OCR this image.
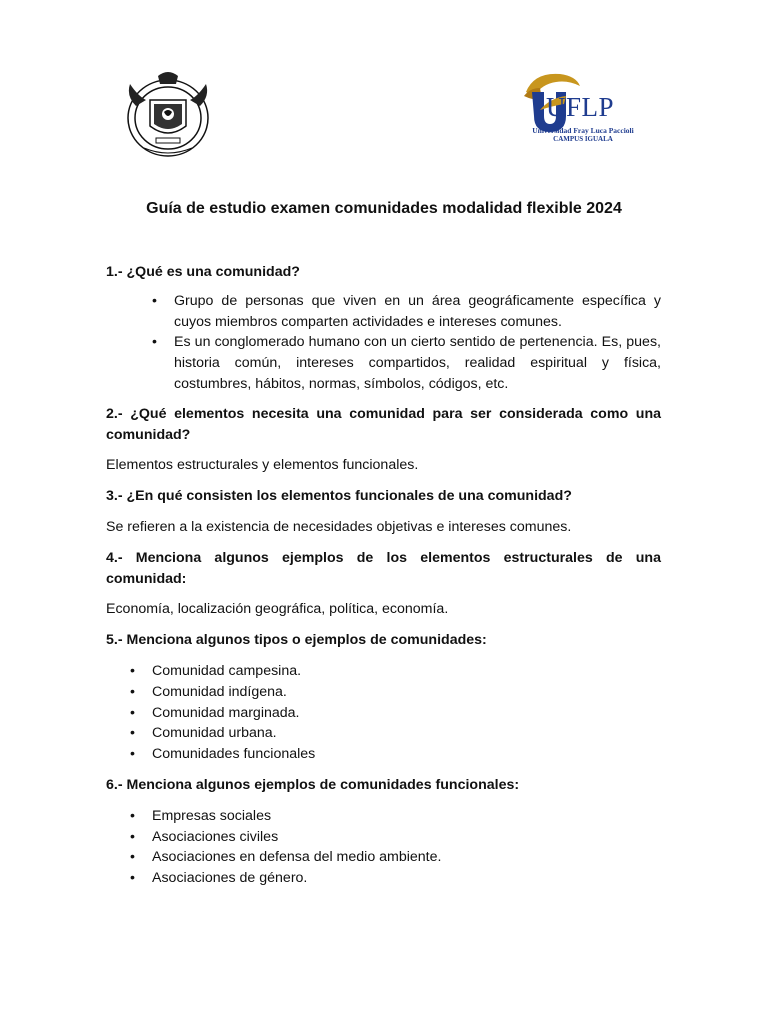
UFLP
Universidad Fray Luca Paccioli
CAMPUS IGUALA
Guía de estudio examen comunidades modalidad flexible 2024

1.- ¿Qué es una comunidad?

• Grupo de personas que viven en un área geográficamente específica y cuyos miembros comparten actividades e intereses comunes.
• Es un conglomerado humano con un cierto sentido de pertenencia. Es, pues, historia común, intereses compartidos, realidad espiritual y física, costumbres, hábitos, normas, símbolos, códigos, etc.

2.- ¿Qué elementos necesita una comunidad para ser considerada como una comunidad?

Elementos estructurales y elementos funcionales.

3.- ¿En qué consisten los elementos funcionales de una comunidad?

Se refieren a la existencia de necesidades objetivas e intereses comunes.

4.- Menciona algunos ejemplos de los elementos estructurales de una comunidad:

Economía, localización geográfica, política, economía.

5.- Menciona algunos tipos o ejemplos de comunidades:

• Comunidad campesina.
• Comunidad indígena.
• Comunidad marginada.
• Comunidad urbana.
• Comunidades funcionales

6.- Menciona algunos ejemplos de comunidades funcionales:

• Empresas sociales
• Asociaciones civiles
• Asociaciones en defensa del medio ambiente.
• Asociaciones de género.
